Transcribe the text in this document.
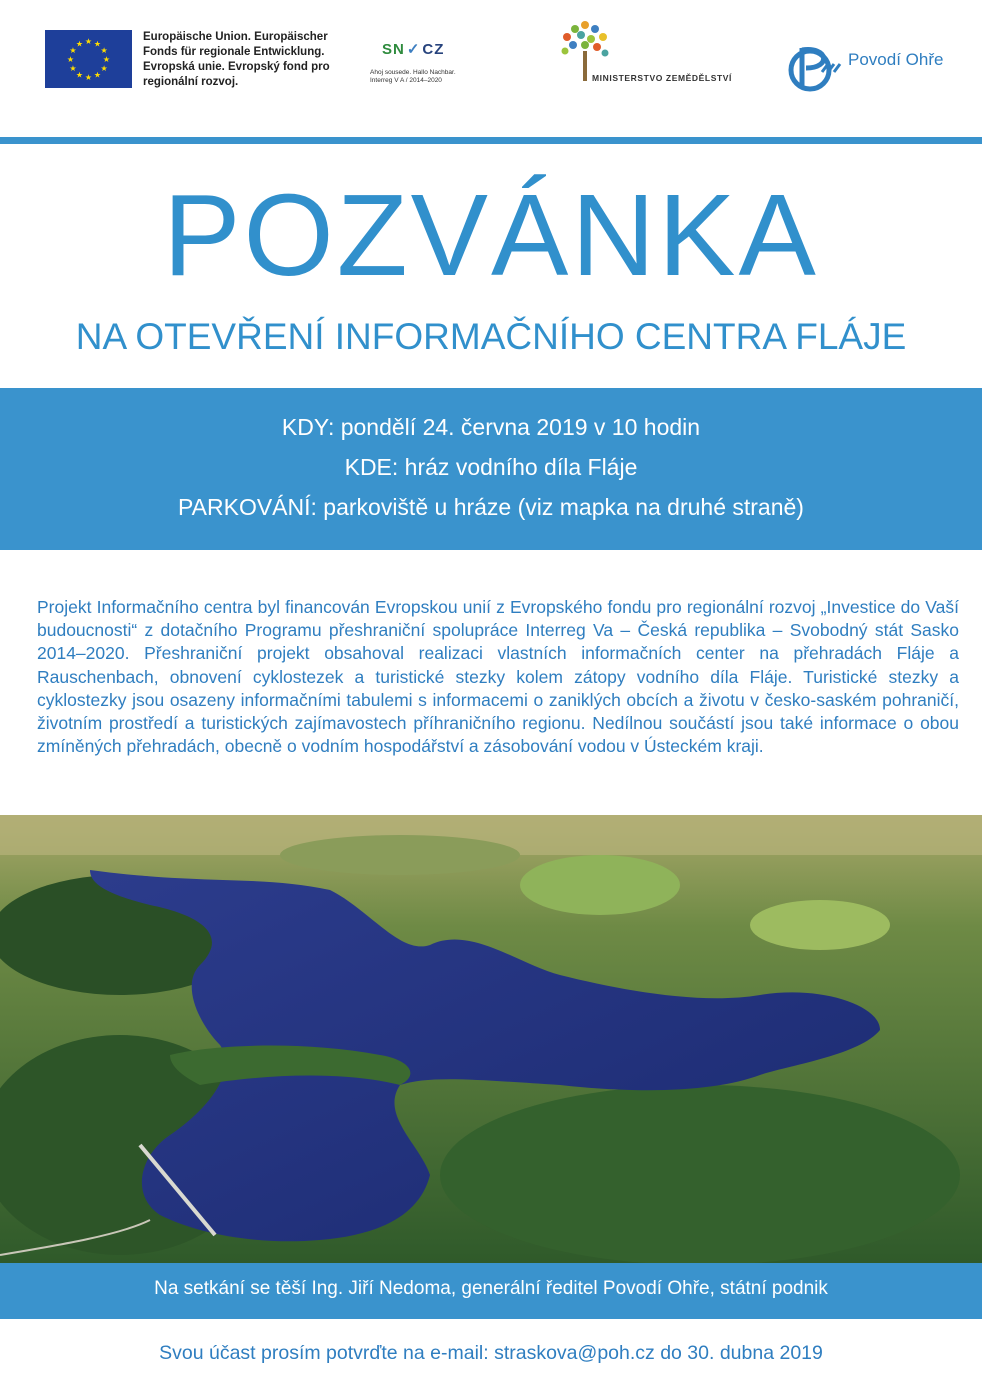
★
★
★
★
★
★
★
★
★ ★ ★
★
Europäische Union. Europäischer
Fonds für regionale Entwicklung.
Evropská unie. Evropský fond pro
regionální rozvoj.
SN ✓ CZ
Ahoj sousede. Hallo Nachbar.
Interreg V A / 2014–2020	MINISTERSTVO ZEMĚDĚLSTVÍ
Povodí Ohře
POZVÁNKA
NA OTEVŘENÍ INFORMAČNÍHO CENTRA FLÁJE
KDY: pondělí 24. června 2019 v 10 hodin
KDE: hráz vodního díla Fláje
PARKOVÁNÍ: parkoviště u hráze (viz mapka na druhé straně)
Projekt Informačního centra byl financován Evropskou unií z Evropského fondu pro regionální rozvoj „Investice do Vaší budoucnosti“ z dotačního Programu přeshraniční spolupráce Interreg Va – Česká republika – Svobodný stát Sasko 2014–2020. Přeshraniční projekt obsahoval realizaci vlastních informačních center na přehradách Fláje a Rauschenbach, obnovení cyklostezek a turistické stezky kolem zátopy vodního díla Fláje. Turistické stezky a cyklostezky jsou osazeny informačními tabulemi s informacemi o zaniklých obcích a životu v česko-saském pohraničí, životním prostředí a turistických zajímavostech příhraničního regionu. Nedílnou součástí jsou také informace o obou zmíněných přehradách, obecně o vodním hospodářství a zásobování vodou v Ústeckém kraji.
Na setkání se těší Ing. Jiří Nedoma, generální ředitel Povodí Ohře, státní podnik
Svou účast prosím potvrďte na e-mail: straskova@poh.cz do 30. dubna 2019
